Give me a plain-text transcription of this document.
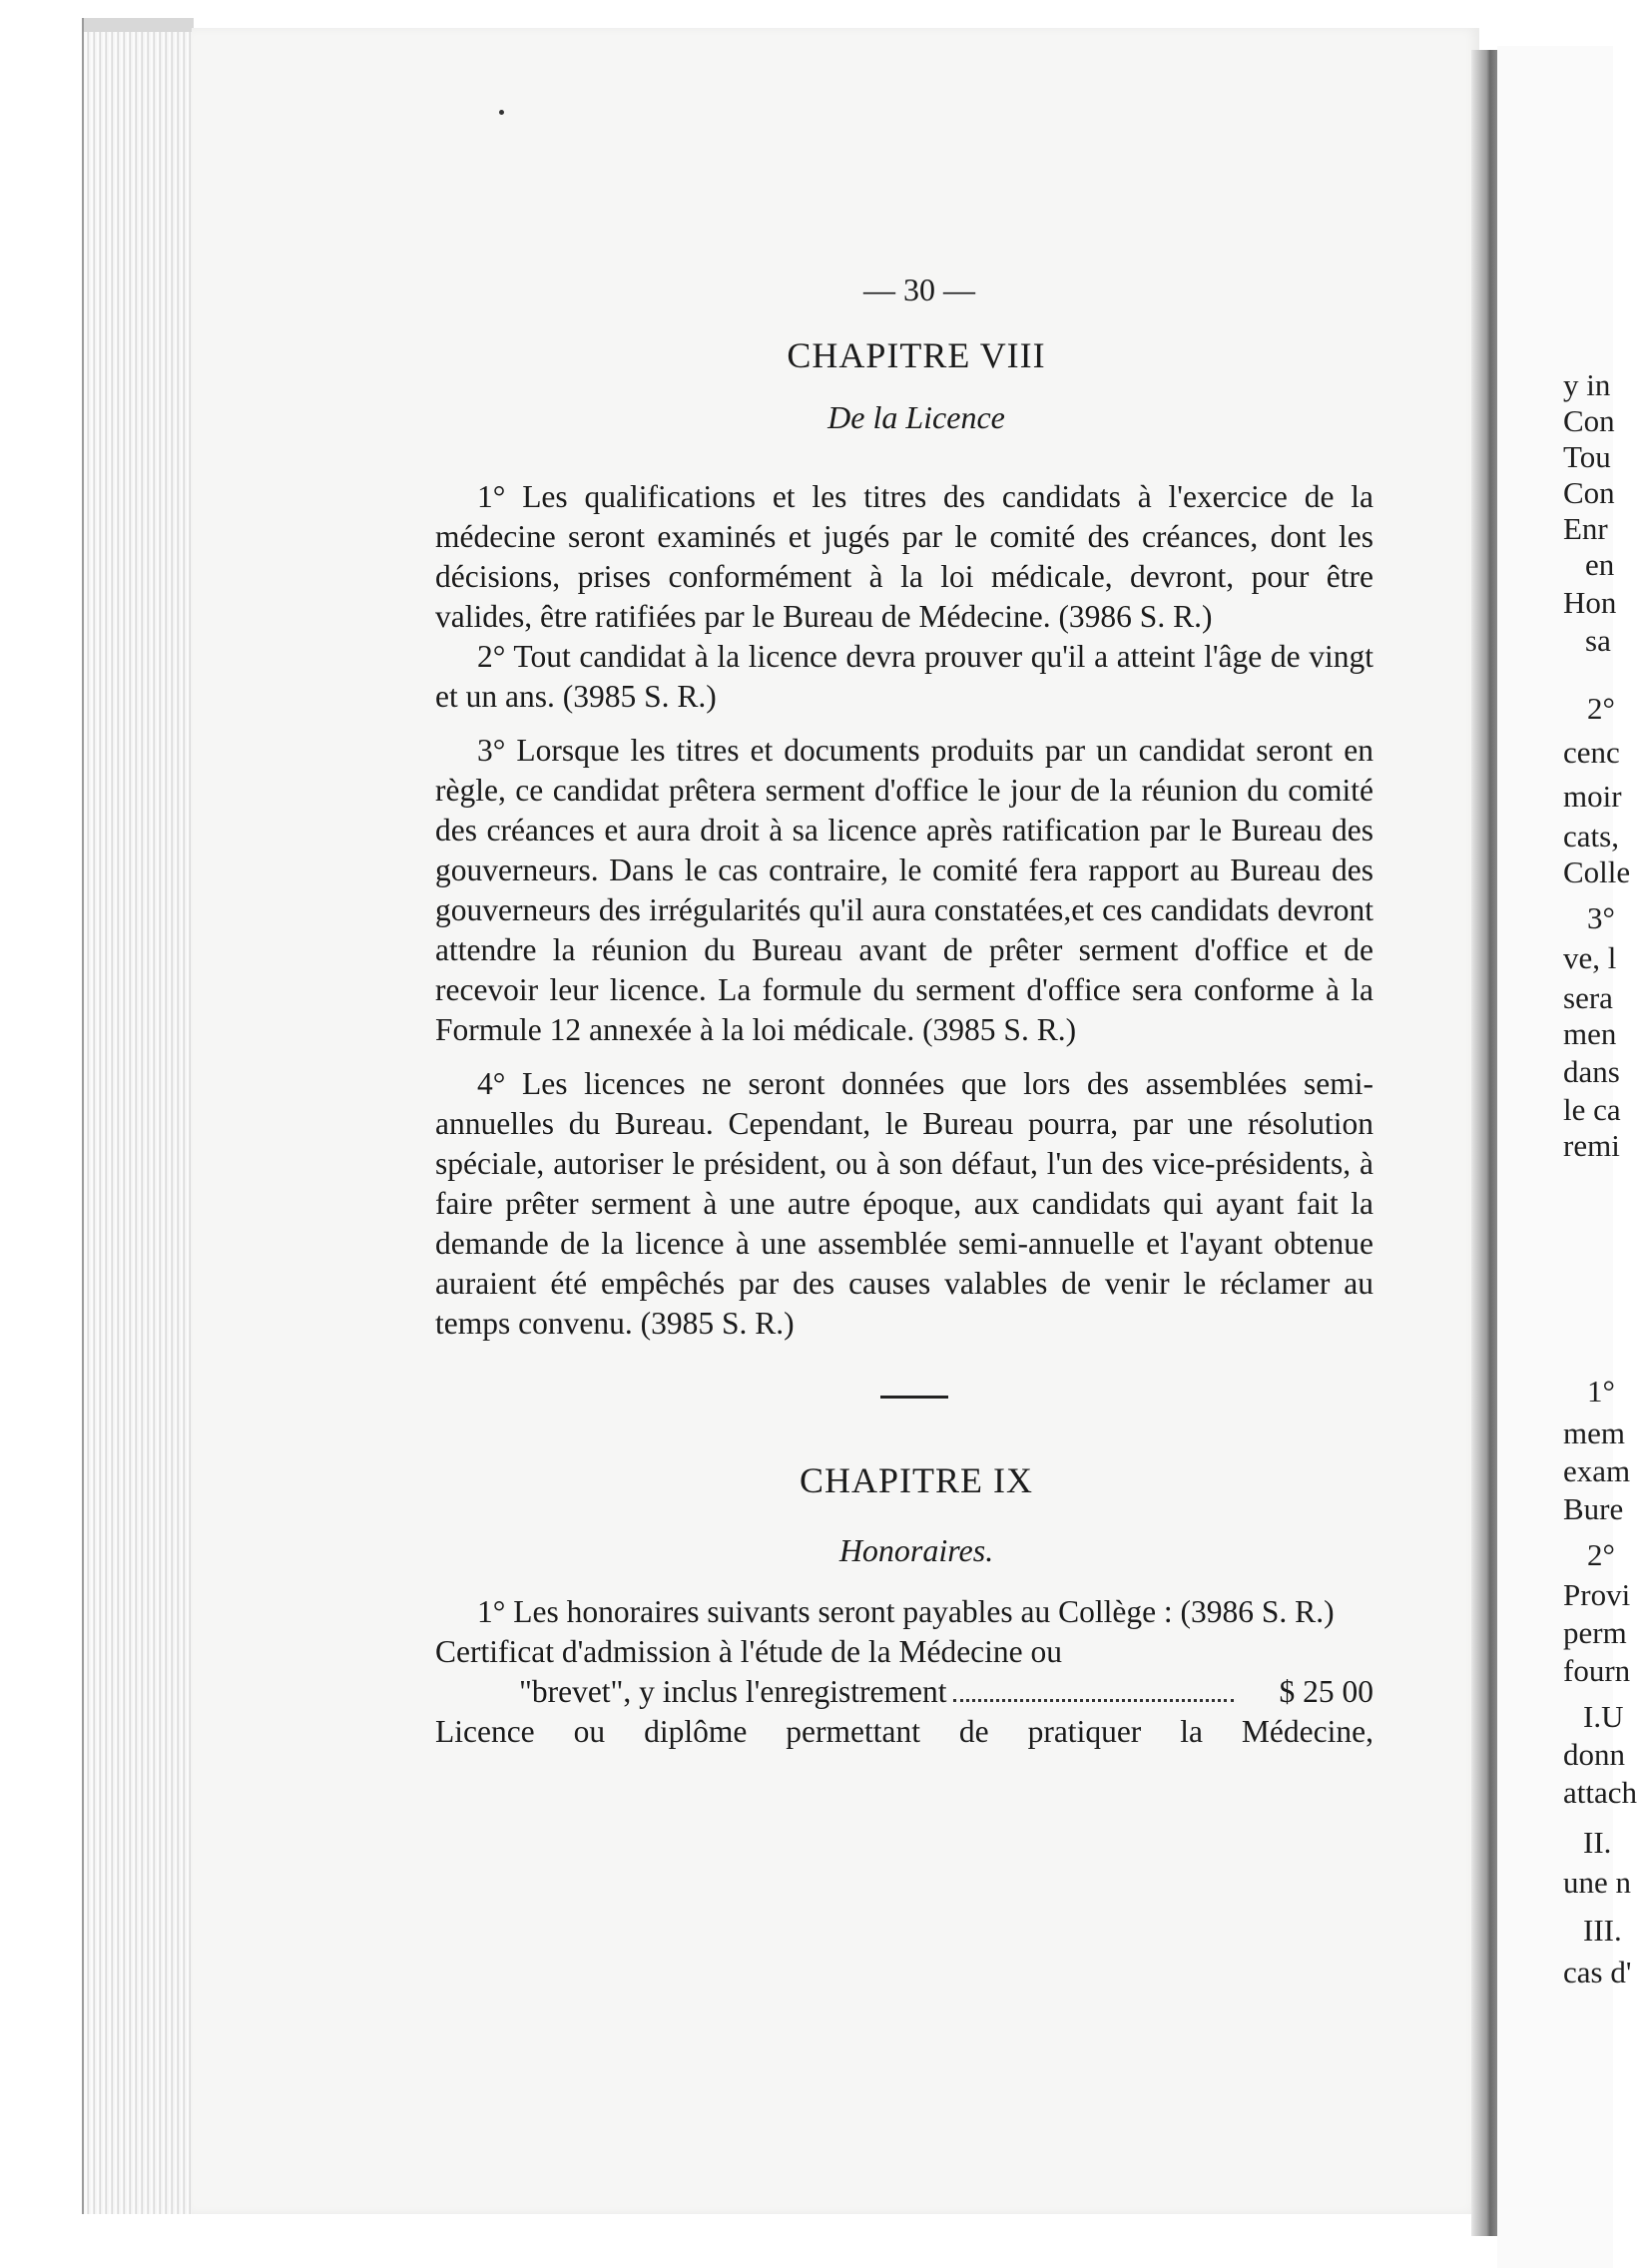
y in
Con
Tou
Con
Enr
en
Hon
sa
2°
cenc
moir
cats,
Colle
3°
ve, l
sera
men
dans
le ca
remi
1°
mem
exam
Bure
2°
Provi
perm
fourn
I.U
donn
attach
II.
une n
III.
cas d'
— 30 —
CHAPITRE VIII
De la Licence

1° Les qualifications et les titres des candidats à l'exercice de la médecine seront examinés et jugés par le comité des créances, dont les décisions, prises conformément à la loi médicale, devront, pour être valides, être ratifiées par le Bureau de Médecine. (3986 S. R.)

2° Tout candidat à la licence devra prouver qu'il a atteint l'âge de vingt et un ans. (3985 S. R.)

3° Lorsque les titres et documents produits par un candidat seront en règle, ce candidat prêtera serment d'office le jour de la réunion du comité des créances et aura droit à sa licence après ratification par le Bureau des gouverneurs. Dans le cas contraire, le comité fera rapport au Bureau des gouverneurs des irrégularités qu'il aura constatées,et ces candidats devront attendre la réunion du Bureau avant de prêter serment d'office et de recevoir leur licence. La formule du serment d'office sera conforme à la Formule 12 annexée à la loi médicale. (3985 S. R.)

4° Les licences ne seront données que lors des assemblées semi-annuelles du Bureau. Cependant, le Bureau pourra, par une résolution spéciale, autoriser le président, ou à son défaut, l'un des vice-présidents, à faire prêter serment à une autre époque, aux candidats qui ayant fait la demande de la licence à une assemblée semi-annuelle et l'ayant obtenue auraient été empêchés par des causes valables de venir le réclamer au temps convenu. (3985 S. R.)

CHAPITRE IX
Honoraires.

1° Les honoraires suivants seront payables au Collège : (3986 S. R.)

Certificat d'admission à l'étude de la Médecine ou
"brevet", y inclus l'enregistrement	$ 25 00
Licence ou diplôme permettant de pratiquer la Médecine,
